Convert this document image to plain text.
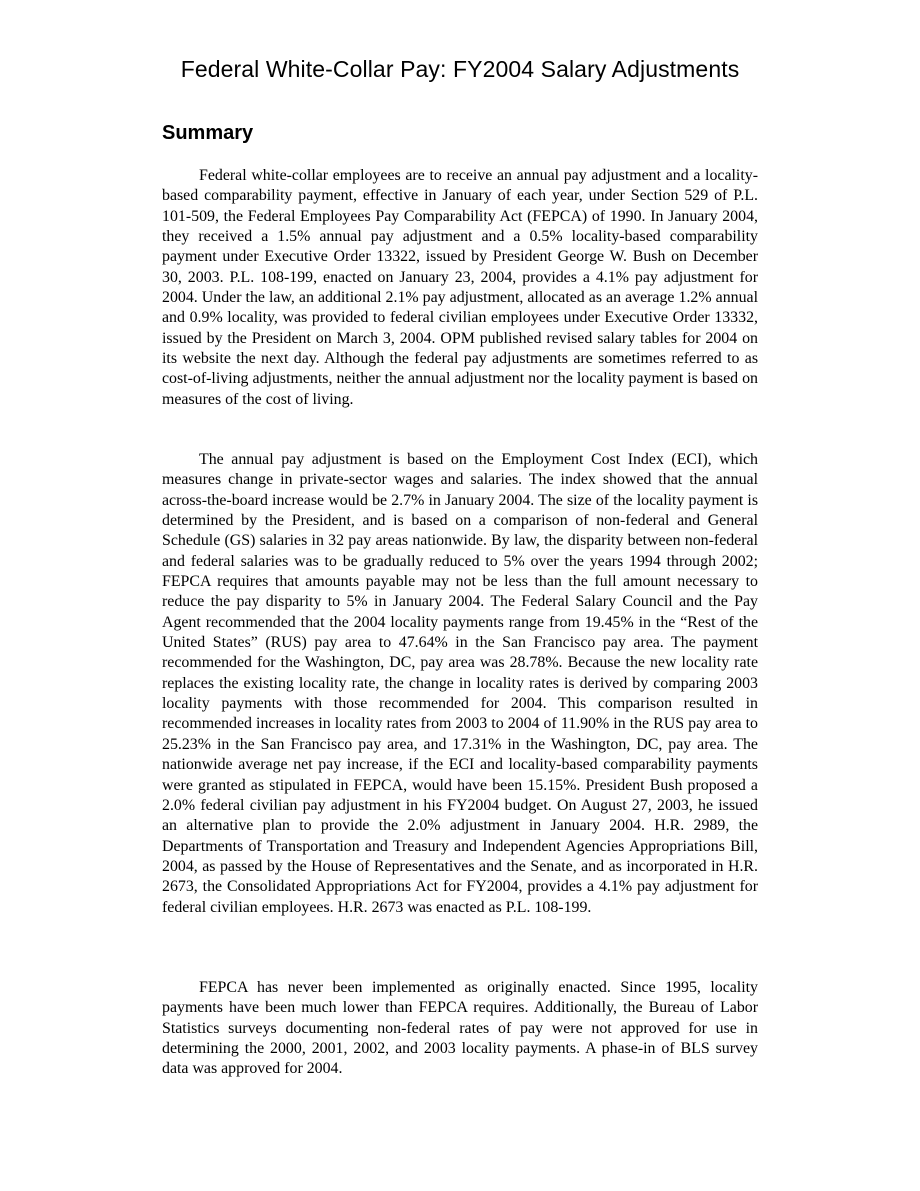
Federal White-Collar Pay: FY2004 Salary Adjustments
Summary

Federal white-collar employees are to receive an annual pay adjustment and a locality-based comparability payment, effective in January of each year, under Section 529 of P.L. 101-509, the Federal Employees Pay Comparability Act (FEPCA) of 1990. In January 2004, they received a 1.5% annual pay adjustment and a 0.5% locality-based comparability payment under Executive Order 13322, issued by President George W. Bush on December 30, 2003. P.L. 108-199, enacted on January 23, 2004, provides a 4.1% pay adjustment for 2004. Under the law, an additional 2.1% pay adjustment, allocated as an average 1.2% annual and 0.9% locality, was provided to federal civilian employees under Executive Order 13332, issued by the President on March 3, 2004. OPM published revised salary tables for 2004 on its website the next day. Although the federal pay adjustments are sometimes referred to as cost-of-living adjustments, neither the annual adjustment nor the locality payment is based on measures of the cost of living.

The annual pay adjustment is based on the Employment Cost Index (ECI), which measures change in private-sector wages and salaries. The index showed that the annual across-the-board increase would be 2.7% in January 2004. The size of the locality payment is determined by the President, and is based on a comparison of non-federal and General Schedule (GS) salaries in 32 pay areas nationwide. By law, the disparity between non-federal and federal salaries was to be gradually reduced to 5% over the years 1994 through 2002; FEPCA requires that amounts payable may not be less than the full amount necessary to reduce the pay disparity to 5% in January 2004. The Federal Salary Council and the Pay Agent recommended that the 2004 locality payments range from 19.45% in the “Rest of the United States” (RUS) pay area to 47.64% in the San Francisco pay area. The payment recommended for the Washington, DC, pay area was 28.78%. Because the new locality rate replaces the existing locality rate, the change in locality rates is derived by comparing 2003 locality payments with those recommended for 2004. This comparison resulted in recommended increases in locality rates from 2003 to 2004 of 11.90% in the RUS pay area to 25.23% in the San Francisco pay area, and 17.31% in the Washington, DC, pay area. The nationwide average net pay increase, if the ECI and locality-based comparability payments were granted as stipulated in FEPCA, would have been 15.15%. President Bush proposed a 2.0% federal civilian pay adjustment in his FY2004 budget. On August 27, 2003, he issued an alternative plan to provide the 2.0% adjustment in January 2004. H.R. 2989, the Departments of Transportation and Treasury and Independent Agencies Appropriations Bill, 2004, as passed by the House of Representatives and the Senate, and as incorporated in H.R. 2673, the Consolidated Appropriations Act for FY2004, provides a 4.1% pay adjustment for federal civilian employees. H.R. 2673 was enacted as P.L. 108-199.

FEPCA has never been implemented as originally enacted. Since 1995, locality payments have been much lower than FEPCA requires. Additionally, the Bureau of Labor Statistics surveys documenting non-federal rates of pay were not approved for use in determining the 2000, 2001, 2002, and 2003 locality payments. A phase-in of BLS survey data was approved for 2004.
